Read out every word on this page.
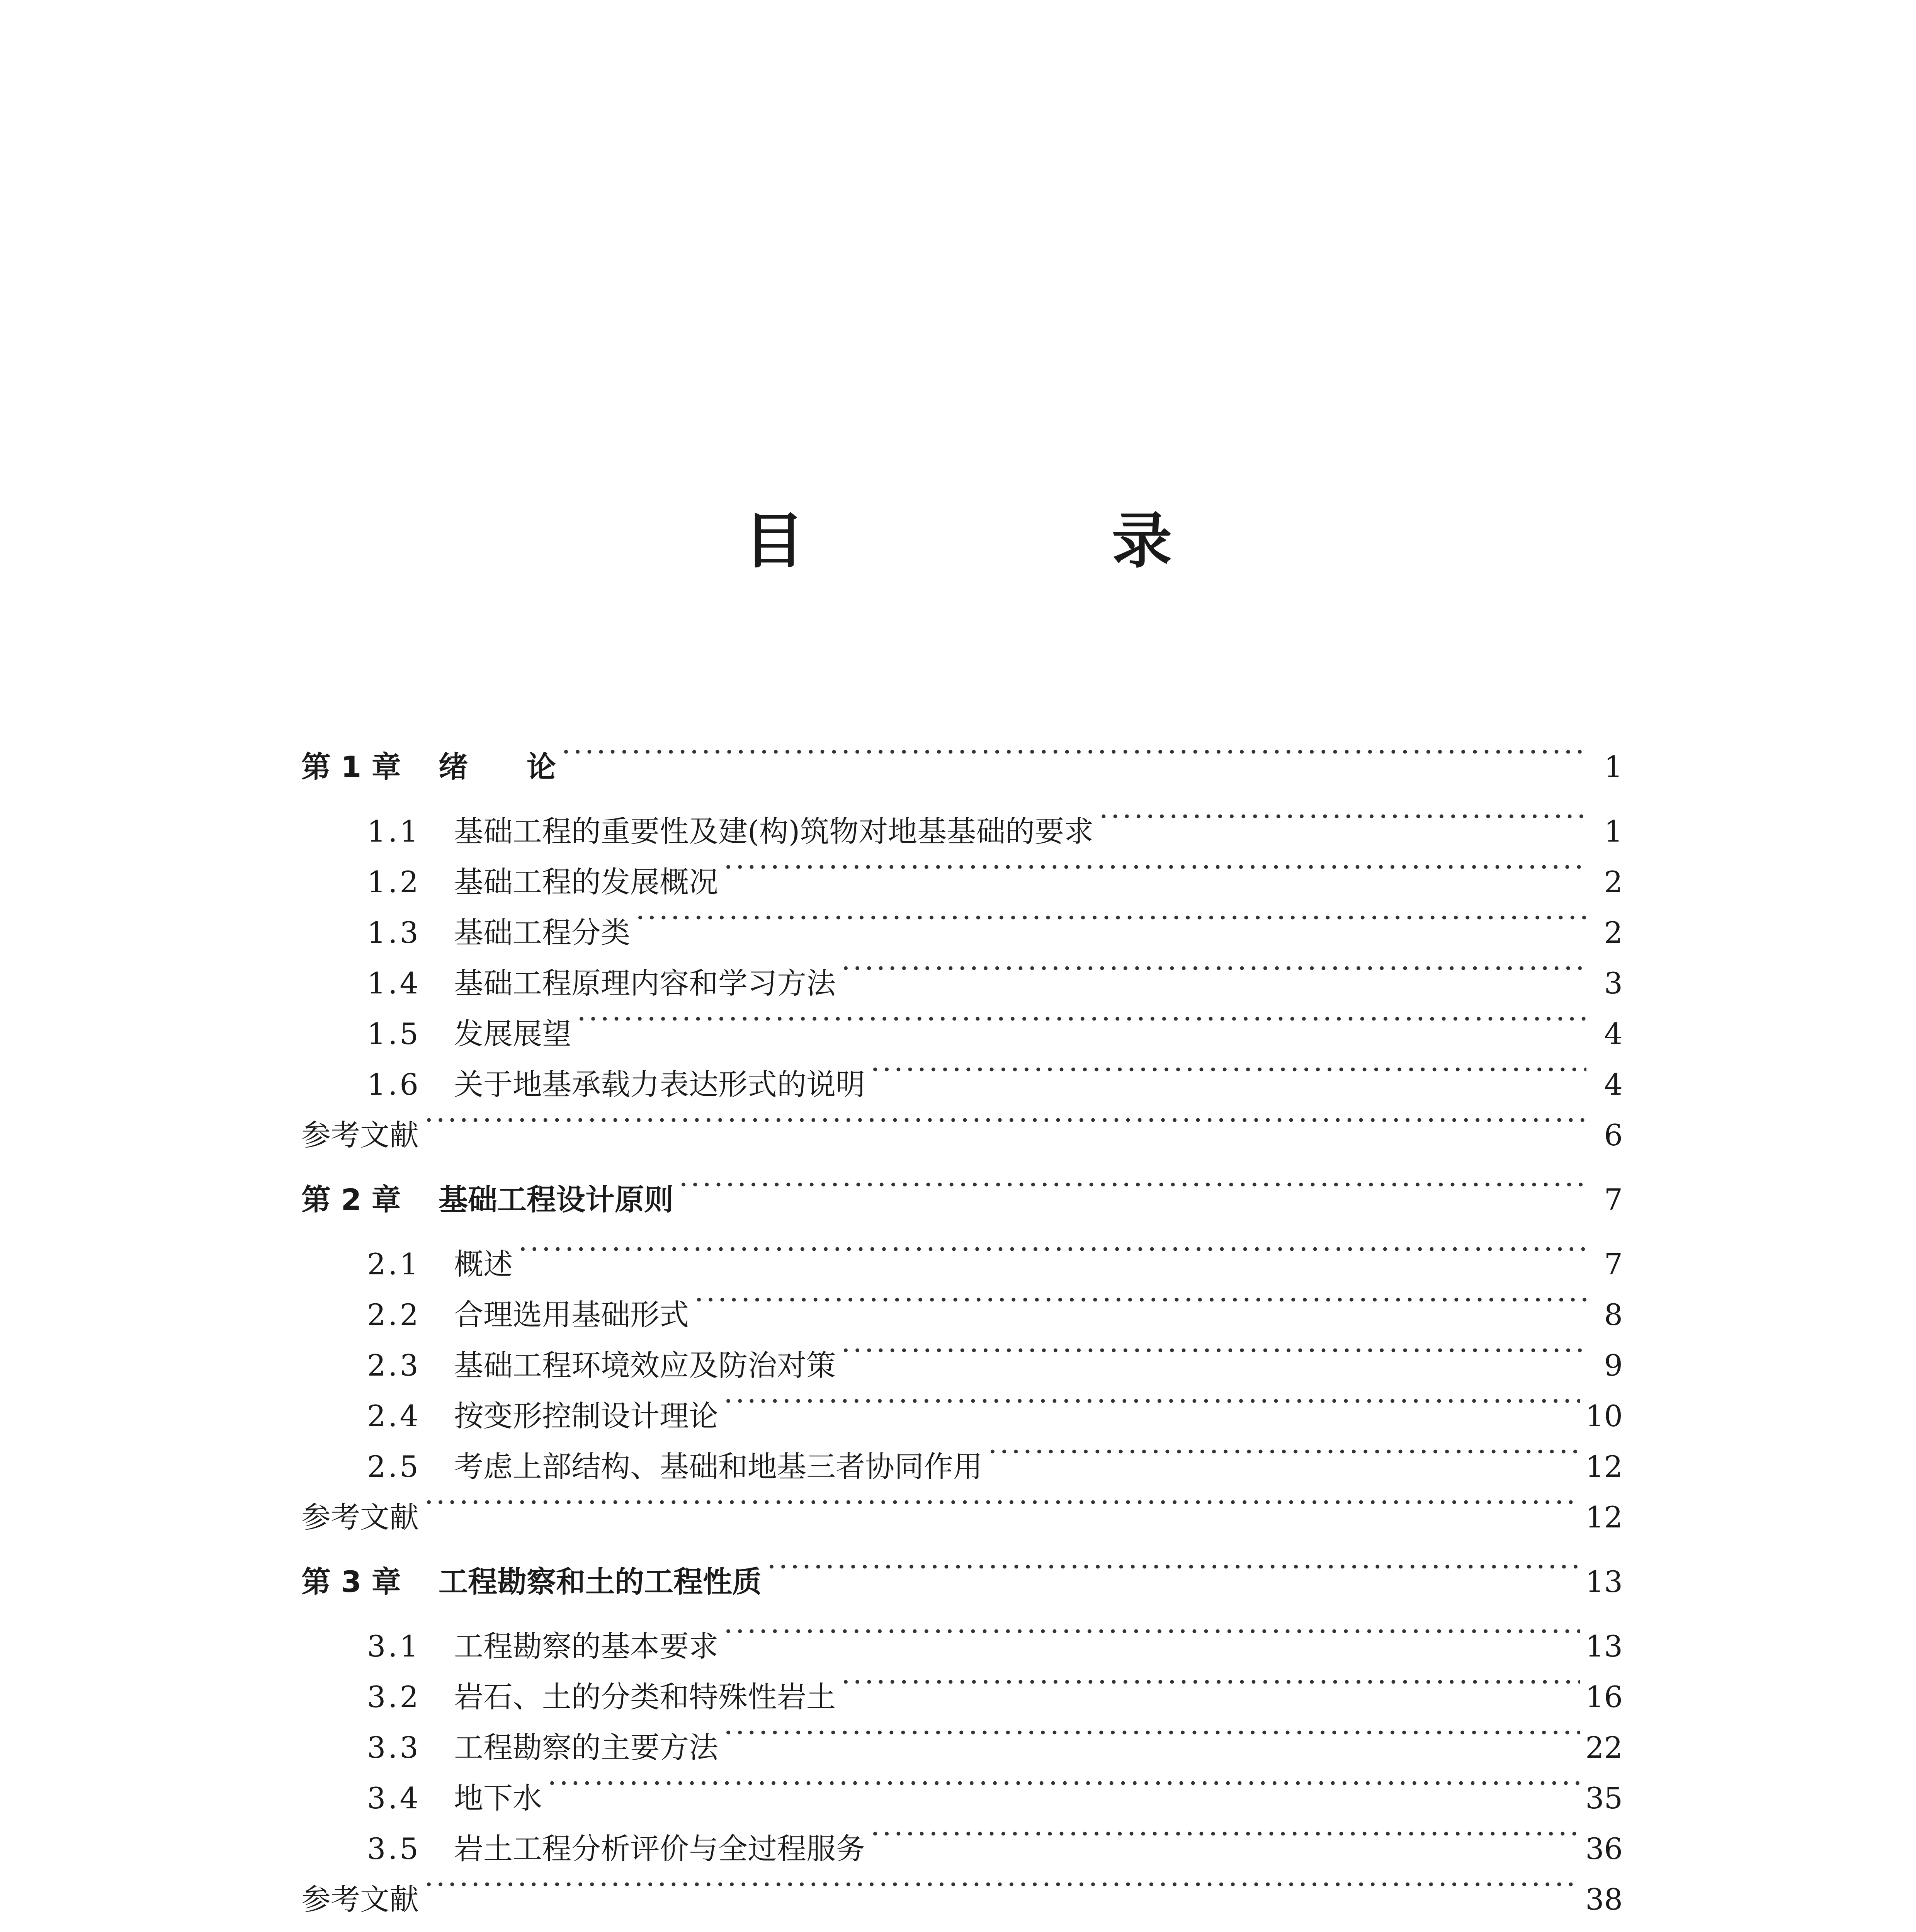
目　录
第 1 章	绪　　论 ·····	1
1.1	基础工程的重要性及建(构)筑物对地基基础的要求 ·····	1
1.2	基础工程的发展概况 ·····	2
1.3	基础工程分类 ·····	2
1.4	基础工程原理内容和学习方法 ·····	3
1.5	发展展望 ·····	4
1.6	关于地基承载力表达形式的说明 ·····	4
参考文献 ·····	6
第 2 章	基础工程设计原则 ·····	7
2.1	概述 ·····	7
2.2	合理选用基础形式 ·····	8
2.3	基础工程环境效应及防治对策 ·····	9
2.4	按变形控制设计理论 ·····	10
2.5	考虑上部结构、基础和地基三者协同作用 ·····	12
参考文献 ·····	12
第 3 章	工程勘察和土的工程性质 ·····	13
3.1	工程勘察的基本要求 ·····	13
3.2	岩石、土的分类和特殊性岩土 ·····	16
3.3	工程勘察的主要方法 ·····	22
3.4	地下水 ·····	35
3.5	岩土工程分析评价与全过程服务 ·····	36
参考文献 ·····	38
·····
